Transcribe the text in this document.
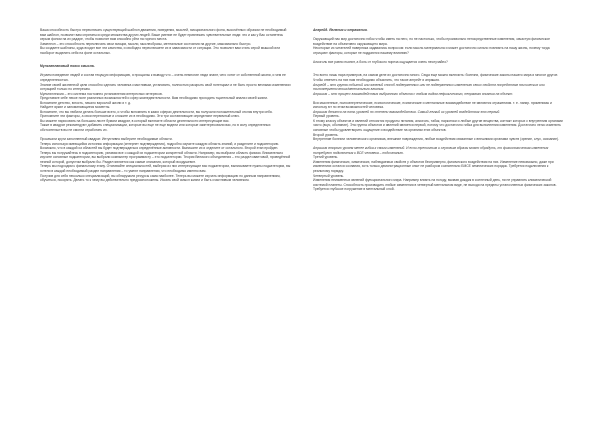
Ваша способность быстро переключать существующий шаблон движения, поведения, мыслей, эмоционального фона, высочённых образом не необходимый вам шаблон, позволит вам спрятаться среди множества других людей. Ваше умение не будет привлекать чувствительные люди: это и как у Вас останетесь серым фоном на их радаре, чтобы позволит вам спокойно уйти на горного места.

Хамелеон – это способность переключать свои эмоции, мысли, мыслеобразы, ментальные состояния на другие, максимально быстро.

Вы создаете шаблоны, куда входят все эти качества, и свободно переключаете их в зависимости от ситуации. Это позволит вам стать серой мышкой или наоборот выделить себя на фоне остальных.

Мультиплановый поиск смысла.

Играем поведение людей и состав текущую информацию, я прощальк к выводу что – очень немногие люди знают, чего хотят от собственной жизни, и чем ее определенностью.

Знание своей жизненной цели способно сделать человека счастливым, установить, полностью раскрыть свой потенциал и не быть просто вечными изменениях ситуацией только по интересам.

Мультиплексия – это система постоянно установления интересных интересов.

Представьте себе некое поле различных возможностей и сфер жизнедеятельности. Вам необходимо проходить тщательный анализ своей жизни.

Вспомните детство, юность, начало взрослой жизни и т. д.

Найдите яркие и запоминающиеся моменты.

Вспомните, что вы любили делать больше всего, и чтобы вспомнить в каких сферах деятельности, вы получали положительный отклик внутри себя.

Припомните эти факторы, а свои переносные и сложите их в необходимо. Эти три составляющие определяют первичный ключ.

Вы можете нарисовать на большом листе бумаги квадрат, в который включите области деятельности интересующие вас.

Также в квадрат рекомендуют добавить специализации, которые вы еще не еще видели или которые заинтересовали вас, но в силу определенных обстоятельств вы не смогли отработать их.

Прокачали круги заполненный квадрат. Интуитивно выберите необходимые области.

Теперь используя имеющийся источник информации (интернет подтверждения), подробно изучите каждую область знаний, и разделите и подкатегорию. Возможно, что в каждой из областей вы будет подтверждаться определённые активности. Выпишите их и отделите от остального. Второй этап пройден.

Теперь вы погружайтесь в подкатегорию, узнавая все о каждой их подкатегории конкретной области. Например, вы выбрали область физики. Внимательно изучите основные подкатегории, вы выбрали компьютер программисту – это подкатегории. Теория Великого объединения – это раздел квантовой, проведённой неиной которой, допустим выбрали бы. Раздел является как самые описания, который воодушевит.

Теперь мы подходим к финальному этапу. Отсеивайте специальностей, выберая из них интересующие вас подкатегории, выписываете нужны подкатегории, вы хотели в каждой необходимый раздел направления – то умеют направлении, что необходимо именно вам.

Получив для себя несколько специализаций, вы обнаружили ресурсы сама наиболее. Теперь вы можете изучать информацию по данным направлениям, обучиться, покорять. Делать то к чему вы действительно предрасположены. Искать свой смысл жизни и быть счастливым человеком.

Апгрейд. Явления и отражения.

Окружающий нас мир достаточно гибок чтобы иметь на него, но не настолько, чтобы произвольно непосредственные изменения, зачастую физическое воздействие на объективно окружающего мира.

Некоторые из читателей наверняка задавались вопросом: если мысль материальна и может достаточно сильно повлиять на нашу жизнь, почему тогда отрицают факторы, которые не поддаются нашему влиянию?

Алкоголь все равно пьянит, а боль от глубокого пореза ощущается очень неслучайно?

Это всего лишь пара примеров, на самом деле их достаточно много. Сюда еще можно включить: болезни, физические законы нашего мира и многое другое. Чтобы ответить на них нам необходимо объяснить, что такое апгрейт и апрашия.

Апгрейд – это группа событий или явлений способ подверженных или не подверженных изменению своих свойств посредством психических или психоэнергетических/ментального влияния.

Апрашия – это процесс взаимодействия выбранного объекта с любым видом нефизического, непрямого влияния на объект.

Вся мысленные, психоэнергетические, психологические, психические и ментальные взаимодействие не являются отражениям. т. е. лапир. применимы и использу ют по этим возможностей человека.

Апрашия делится на пять уровней по степени взаимодействия. Самый легкий из уровней воздействия это первый.

Первый уровень.

К этому классу объектов и явлений относятся продукты питания, алкоголь, табак, наркотики и любые другие вещества, контакт которых с внутренним органами чисто (вкус, обоняние). Эта группа объектов и явлений является первой, потому что достаточно гибка для выполнения изменения. Достаточно легко изменить основные чтобы удовлетворить ощущение и воздействие на организм этих объектов.

Второй уровень.

Внутренние болезни человеческого организма, внешние повреждения, любые воздействия связанные с внешними органами чувств (зрение, слух, осязание).

Апрашия второго уровня менее гибка к своим изменений. И если третичным и слуховым образы можно обрадуть, то физиологическая изменения потребуют подключения к ВСЕ человека – подсознанию.

Третий уровень.

Изменения физических, химических, наблюдаемых свойств у объектов беспримерно, физического воздействия на них. Изменение невозможно, даже при изменениях остался сознания, хоть только демонстрационные опыт не разбором сознательно БМСЕ земплических порядок. Требуется подключения к реальному порядку.

Четвертый уровень.

Изменения неизменных явлений функционального мира. Например влиять на погоду, вызвав дождик в солнечный день, ни не управлять климатической системой планеты. Способность производить любые изменения в четвертый ментальном виде, не выходя на пределы устаночленных физических законов.

Требуется глубокое погружение в ментальный слой.
